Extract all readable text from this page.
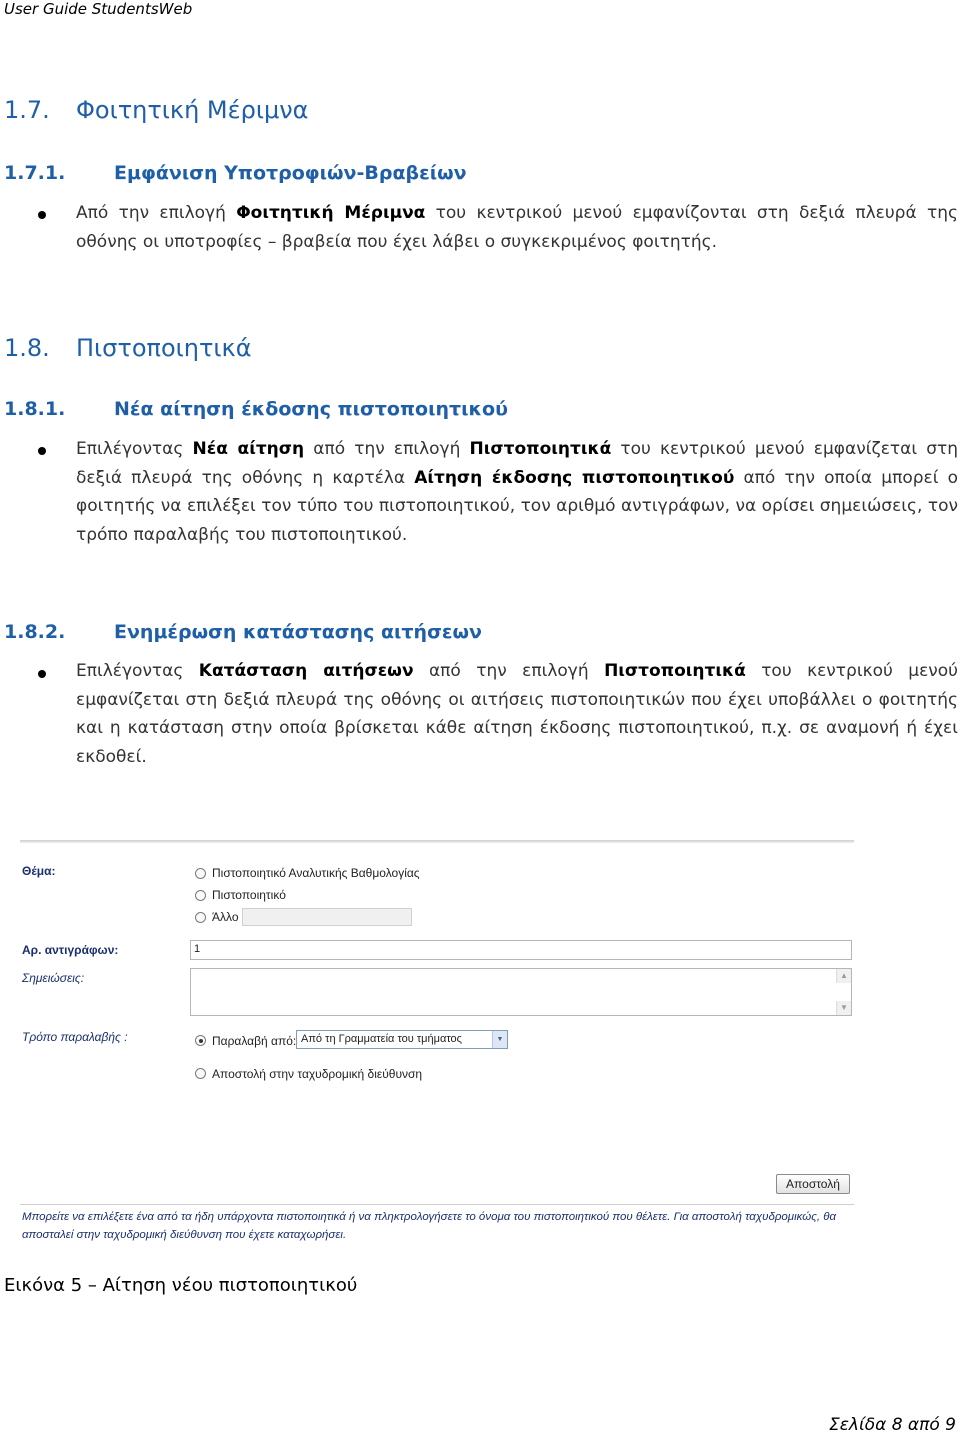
User Guide StudentsWeb
1.7. Φοιτητική Μέριμνα
1.7.1.	Εμφάνιση Υποτροφιών-Βραβείων
Από την επιλογή Φοιτητική Μέριμνα του κεντρικού μενού εμφανίζονται στη δεξιά πλευρά της οθόνης οι υποτροφίες – βραβεία που έχει λάβει ο συγκεκριμένος φοιτητής.
1.8. Πιστοποιητικά
1.8.1.	Νέα αίτηση έκδοσης πιστοποιητικού
Επιλέγοντας Νέα αίτηση από την επιλογή Πιστοποιητικά του κεντρικού μενού εμφανίζεται στη δεξιά πλευρά της οθόνης η καρτέλα Αίτηση έκδοσης πιστοποιητικού από την οποία μπορεί ο φοιτητής να επιλέξει τον τύπο του πιστοποιητικού, τον αριθμό αντιγράφων, να ορίσει σημειώσεις, τον τρόπο παραλαβής του πιστοποιητικού.
1.8.2.	Ενημέρωση κατάστασης αιτήσεων
Επιλέγοντας Κατάσταση αιτήσεων από την επιλογή Πιστοποιητικά του κεντρικού μενού εμφανίζεται στη δεξιά πλευρά της οθόνης οι αιτήσεις πιστοποιητικών που έχει υποβάλλει ο φοιτητής και η κατάσταση στην οποία βρίσκεται κάθε αίτηση έκδοσης πιστοποιητικού, π.χ. σε αναμονή ή έχει εκδοθεί.
Θέμα:	Πιστοποιητικό Αναλυτικής Βαθμολογίας
Πιστοποιητικό
Άλλο
Αρ. αντιγράφων:	1
Σημειώσεις:	▲
▼
Τρόπο παραλαβής :	Παραλαβή από: Από τη Γραμματεία του τμήματος	▼
Αποστολή στην ταχυδρομική διεύθυνση
Αποστολή
Μπορείτε να επιλέξετε ένα από τα ήδη υπάρχοντα πιστοποιητικά ή να πληκτρολογήσετε το όνομα του πιστοποιητικού που θέλετε. Για αποστολή ταχυδρομικώς, θα αποσταλεί στην ταχυδρομική διεύθυνση που έχετε καταχωρήσει.
Εικόνα 5 – Αίτηση νέου πιστοποιητικού
Σελίδα 8 από 9
